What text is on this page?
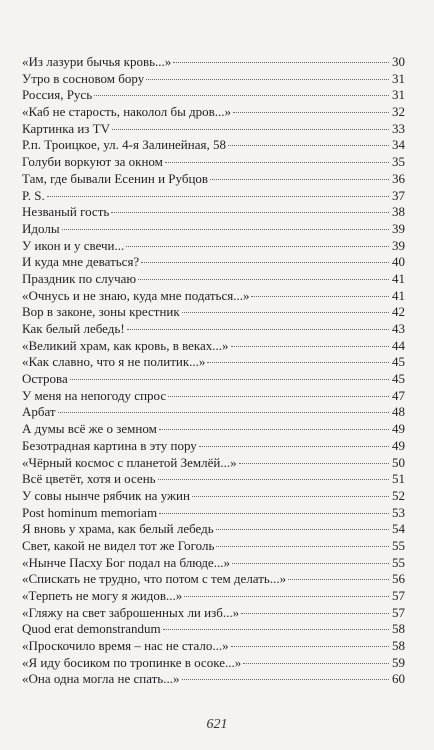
«Из лазури бычья кровь...»	30
Утро в сосновом бору	31
Россия, Русь	31
«Каб не старость, наколол бы дров...»	32
Картинка из TV	33
Р.п. Троицкое, ул. 4-я Залинейная, 58	34
Голуби воркуют за окном	35
Там, где бывали Есенин и Рубцов	36
P. S.	37
Незваный гость	38
Идолы	39
У икон и у свечи...	39
И куда мне деваться?	40
Праздник по случаю	41
«Очнусь и не знаю, куда мне податься...»	41
Вор в законе, зоны крестник	42
Как белый лебедь!	43
«Великий храм, как кровь, в веках...»	44
«Как славно, что я не политик...»	45
Острова	45
У меня на непогоду спрос	47
Арбат	48
А думы всё же о земном	49
Безотрадная картина в эту пору	49
«Чёрный космос с планетой Землёй...»	50
Всё цветёт, хотя и осень	51
У совы нынче рябчик на ужин	52
Post hominum memoriam	53
Я вновь у храма, как белый лебедь	54
Свет, какой не видел тот же Гоголь	55
«Нынче Пасху Бог подал на блюде...»	55
«Спискать не трудно, что потом с тем делать...»	56
«Терпеть не могу я жидов...»	57
«Гляжу на свет заброшенных ли изб...»	57
Quod erat demonstrandum	58
«Проскочило время – нас не стало...»	58
«Я иду босиком по тропинке в осоке...»	59
«Она одна могла не спать...»	60
621
